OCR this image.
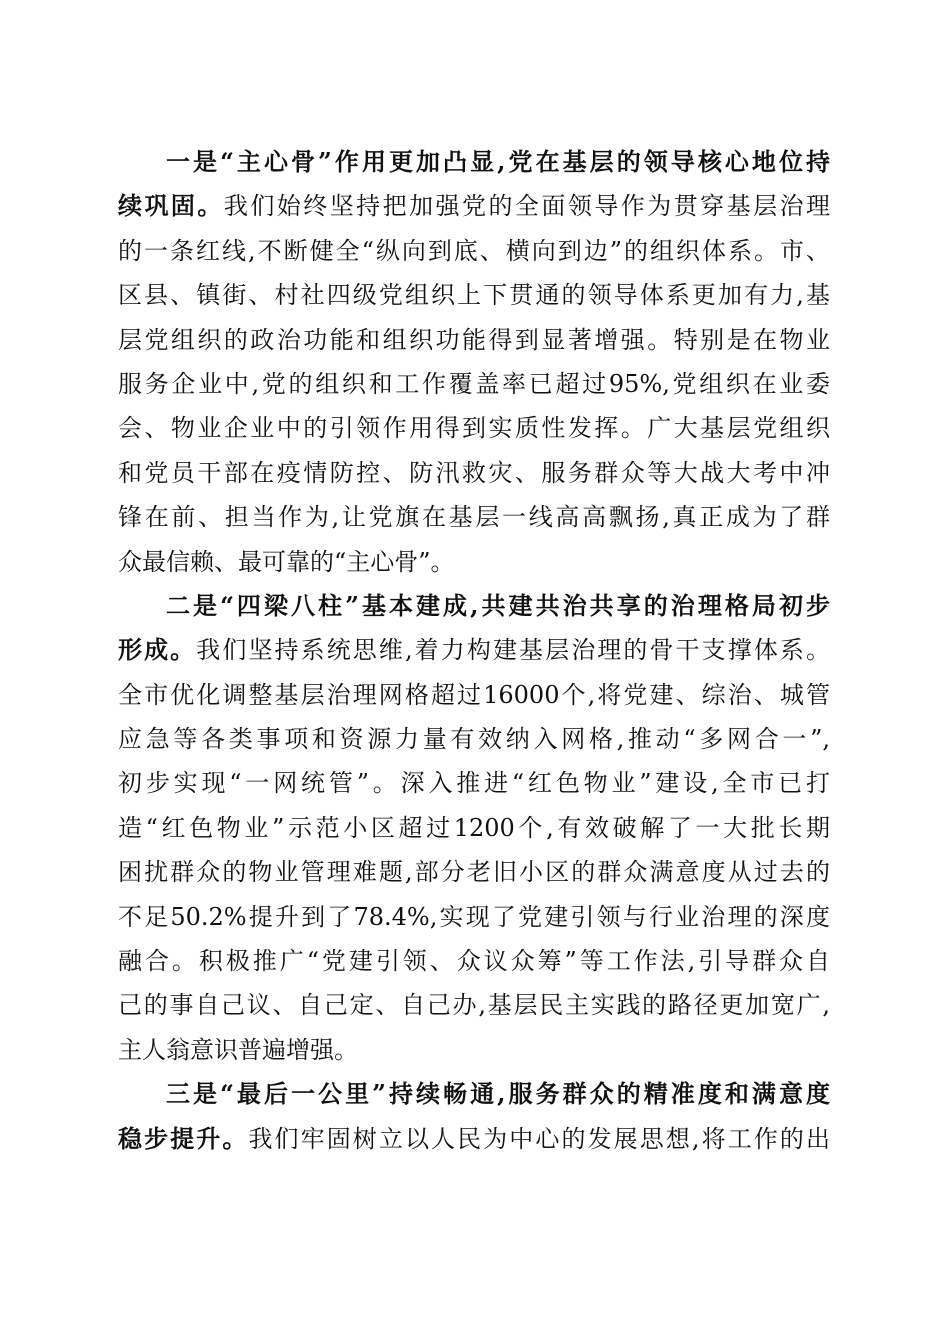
一是“主心骨”作用更加凸显,党在基层的领导核心地位持
续巩固。我们始终坚持把加强党的全面领导作为贯穿基层治理
的一条红线,不断健全“纵向到底、横向到边”的组织体系。市、
区县、镇街、村社四级党组织上下贯通的领导体系更加有力,基
层党组织的政治功能和组织功能得到显著增强。特别是在物业
服务企业中,党的组织和工作覆盖率已超过95%,党组织在业委
会、物业企业中的引领作用得到实质性发挥。广大基层党组织
和党员干部在疫情防控、防汛救灾、服务群众等大战大考中冲
锋在前、担当作为,让党旗在基层一线高高飘扬,真正成为了群
众最信赖、最可靠的“主心骨”。
二是“四梁八柱”基本建成,共建共治共享的治理格局初步
形成。我们坚持系统思维,着力构建基层治理的骨干支撑体系。
全市优化调整基层治理网格超过16000个,将党建、综治、城管
应急等各类事项和资源力量有效纳入网格,推动“多网合一”,
初步实现“一网统管”。深入推进“红色物业”建设,全市已打
造“红色物业”示范小区超过1200个,有效破解了一大批长期
困扰群众的物业管理难题,部分老旧小区的群众满意度从过去的
不足50.2%提升到了78.4%,实现了党建引领与行业治理的深度
融合。积极推广“党建引领、众议众筹”等工作法,引导群众自
己的事自己议、自己定、自己办,基层民主实践的路径更加宽广,
主人翁意识普遍增强。
三是“最后一公里”持续畅通,服务群众的精准度和满意度
稳步提升。我们牢固树立以人民为中心的发展思想,将工作的出
